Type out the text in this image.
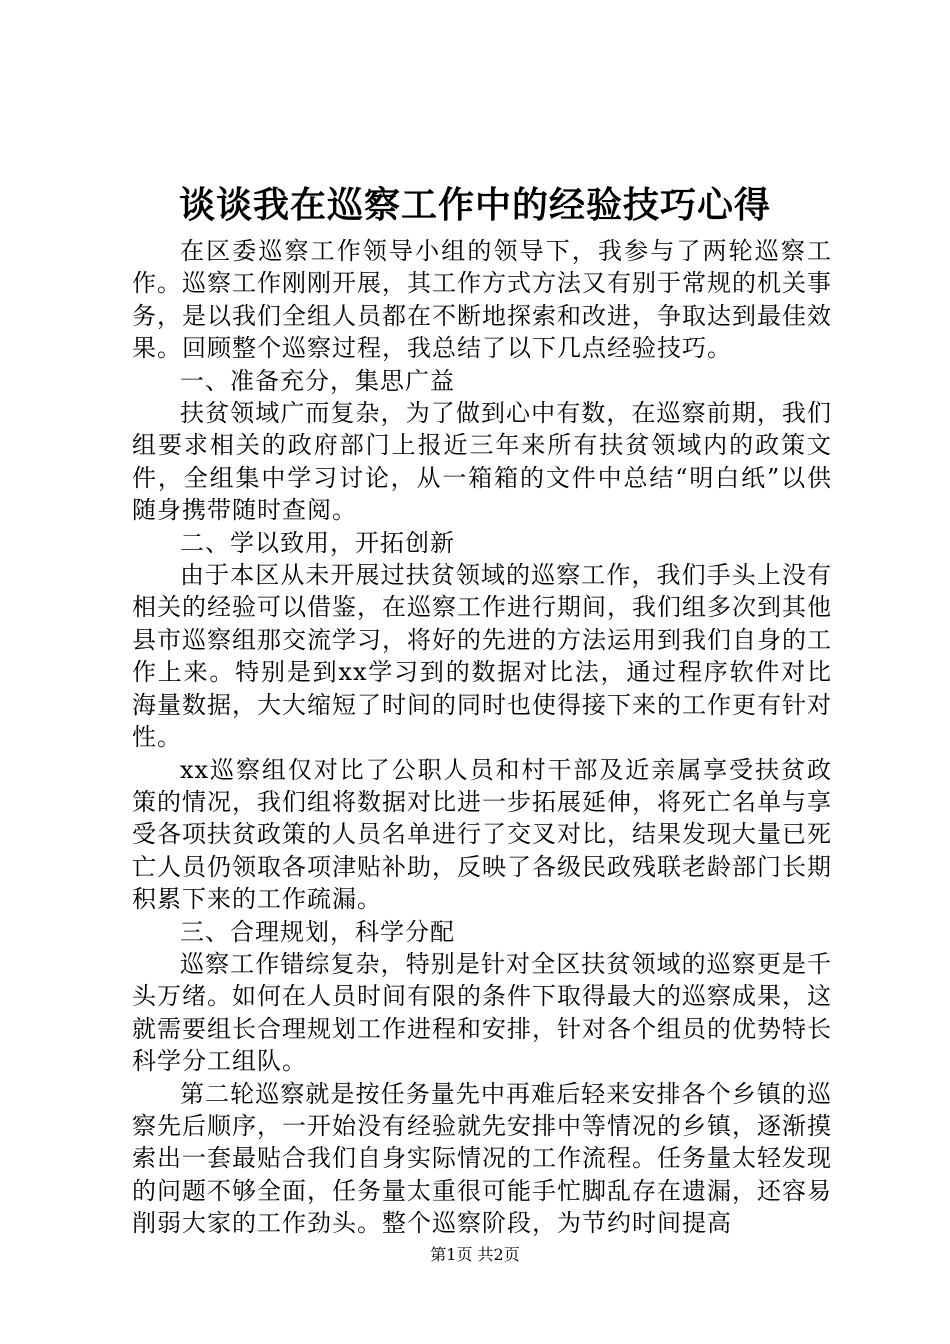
谈谈我在巡察工作中的经验技巧心得

在区委巡察工作领导小组的领导下，我参与了两轮巡察工作。巡察工作刚刚开展，其工作方式方法又有别于常规的机关事务，是以我们全组人员都在不断地探索和改进，争取达到最佳效果。回顾整个巡察过程，我总结了以下几点经验技巧。

一、准备充分，集思广益

扶贫领域广而复杂，为了做到心中有数，在巡察前期，我们组要求相关的政府部门上报近三年来所有扶贫领域内的政策文件，全组集中学习讨论，从一箱箱的文件中总结“明白纸”以供随身携带随时查阅。

二、学以致用，开拓创新

由于本区从未开展过扶贫领域的巡察工作，我们手头上没有相关的经验可以借鉴，在巡察工作进行期间，我们组多次到其他县市巡察组那交流学习，将好的先进的方法运用到我们自身的工作上来。特别是到xx学习到的数据对比法，通过程序软件对比海量数据，大大缩短了时间的同时也使得接下来的工作更有针对性。

xx巡察组仅对比了公职人员和村干部及近亲属享受扶贫政策的情况，我们组将数据对比进一步拓展延伸，将死亡名单与享受各项扶贫政策的人员名单进行了交叉对比，结果发现大量已死亡人员仍领取各项津贴补助，反映了各级民政残联老龄部门长期积累下来的工作疏漏。

三、合理规划，科学分配

巡察工作错综复杂，特别是针对全区扶贫领域的巡察更是千头万绪。如何在人员时间有限的条件下取得最大的巡察成果，这就需要组长合理规划工作进程和安排，针对各个组员的优势特长科学分工组队。

第二轮巡察就是按任务量先中再难后轻来安排各个乡镇的巡察先后顺序，一开始没有经验就先安排中等情况的乡镇，逐渐摸索出一套最贴合我们自身实际情况的工作流程。任务量太轻发现的问题不够全面，任务量太重很可能手忙脚乱存在遗漏，还容易削弱大家的工作劲头。整个巡察阶段，为节约时间提高

第1页 共2页
